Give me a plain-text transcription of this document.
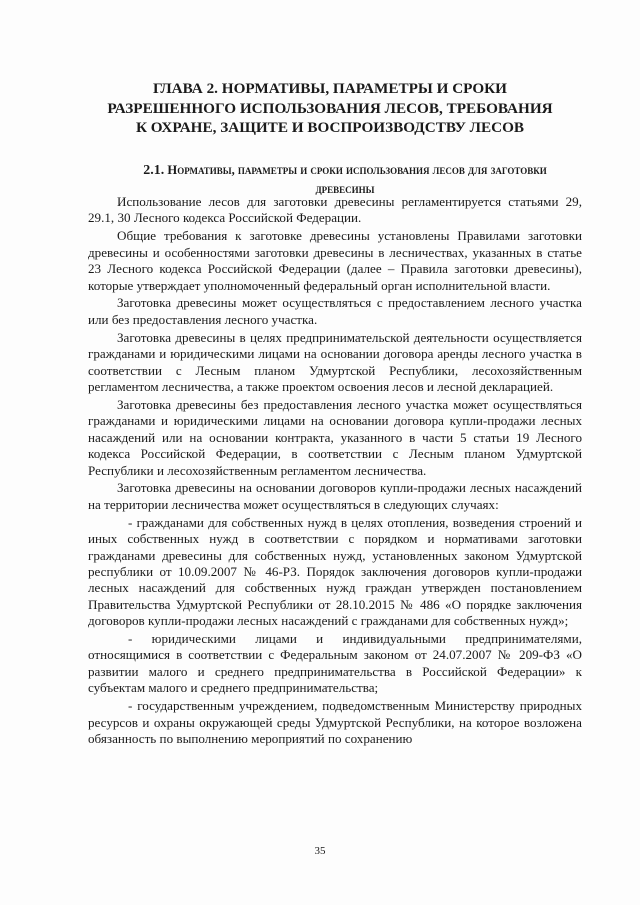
ГЛАВА 2. НОРМАТИВЫ, ПАРАМЕТРЫ И СРОКИ РАЗРЕШЕННОГО ИСПОЛЬЗОВАНИЯ ЛЕСОВ, ТРЕБОВАНИЯ К ОХРАНЕ, ЗАЩИТЕ И ВОСПРОИЗВОДСТВУ ЛЕСОВ
2.1. Нормативы, параметры и сроки использования лесов для заготовки древесины

Использование лесов для заготовки древесины регламентируется статьями 29, 29.1, 30 Лесного кодекса Российской Федерации.

Общие требования к заготовке древесины установлены Правилами заготовки древесины и особенностями заготовки древесины в лесничествах, указанных в статье 23 Лесного кодекса Российской Федерации (далее – Правила заготовки древесины), которые утверждает уполномоченный федеральный орган исполнительной власти.

Заготовка древесины может осуществляться с предоставлением лесного участка или без предоставления лесного участка.

Заготовка древесины в целях предпринимательской деятельности осуществляется гражданами и юридическими лицами на основании договора аренды лесного участка в соответствии с Лесным планом Удмуртской Республики, лесохозяйственным регламентом лесничества, а также проектом освоения лесов и лесной декларацией.

Заготовка древесины без предоставления лесного участка может осуществляться гражданами и юридическими лицами на основании договора купли-продажи лесных насаждений или на основании контракта, указанного в части 5 статьи 19 Лесного кодекса Российской Федерации, в соответствии с Лесным планом Удмуртской Республики и лесохозяйственным регламентом лесничества.

Заготовка древесины на основании договоров купли-продажи лесных насаждений на территории лесничества может осуществляться в следующих случаях:

- гражданами для собственных нужд в целях отопления, возведения строений и иных собственных нужд в соответствии с порядком и нормативами заготовки гражданами древесины для собственных нужд, установленных законом Удмуртской республики от 10.09.2007 № 46-РЗ. Порядок заключения договоров купли-продажи лесных насаждений для собственных нужд граждан утвержден постановлением Правительства Удмуртской Республики от 28.10.2015 № 486 «О порядке заключения договоров купли-продажи лесных насаждений с гражданами для собственных нужд»;

- юридическими лицами и индивидуальными предпринимателями, относящимися в соответствии с Федеральным законом от 24.07.2007 № 209-ФЗ «О развитии малого и среднего предпринимательства в Российской Федерации» к субъектам малого и среднего предпринимательства;

- государственным учреждением, подведомственным Министерству природных ресурсов и охраны окружающей среды Удмуртской Республики, на которое возложена обязанность по выполнению мероприятий по сохранению

35
